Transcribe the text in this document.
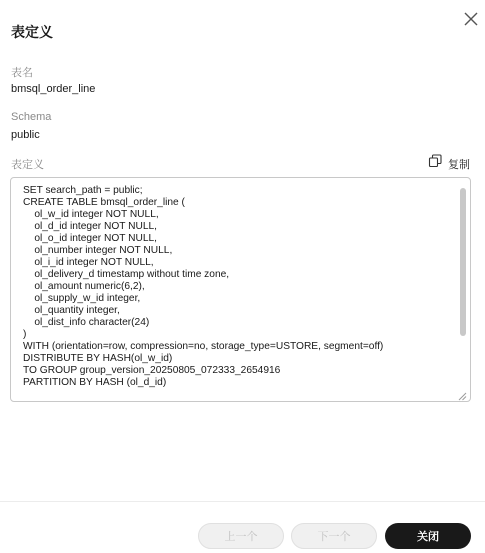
表定义
表名
bmsql_order_line
Schema
public
表定义	复制
SET search_path = public;
CREATE TABLE bmsql_order_line (
ol_w_id integer NOT NULL,
ol_d_id integer NOT NULL,
ol_o_id integer NOT NULL,
ol_number integer NOT NULL,
ol_i_id integer NOT NULL,
ol_delivery_d timestamp without time zone,
ol_amount numeric(6,2),
ol_supply_w_id integer,
ol_quantity integer,
ol_dist_info character(24)
)
WITH (orientation=row, compression=no, storage_type=USTORE, segment=off)
DISTRIBUTE BY HASH(ol_w_id)
TO GROUP group_version_20250805_072333_2654916
PARTITION BY HASH (ol_d_id)
上一个	下一个	关闭
